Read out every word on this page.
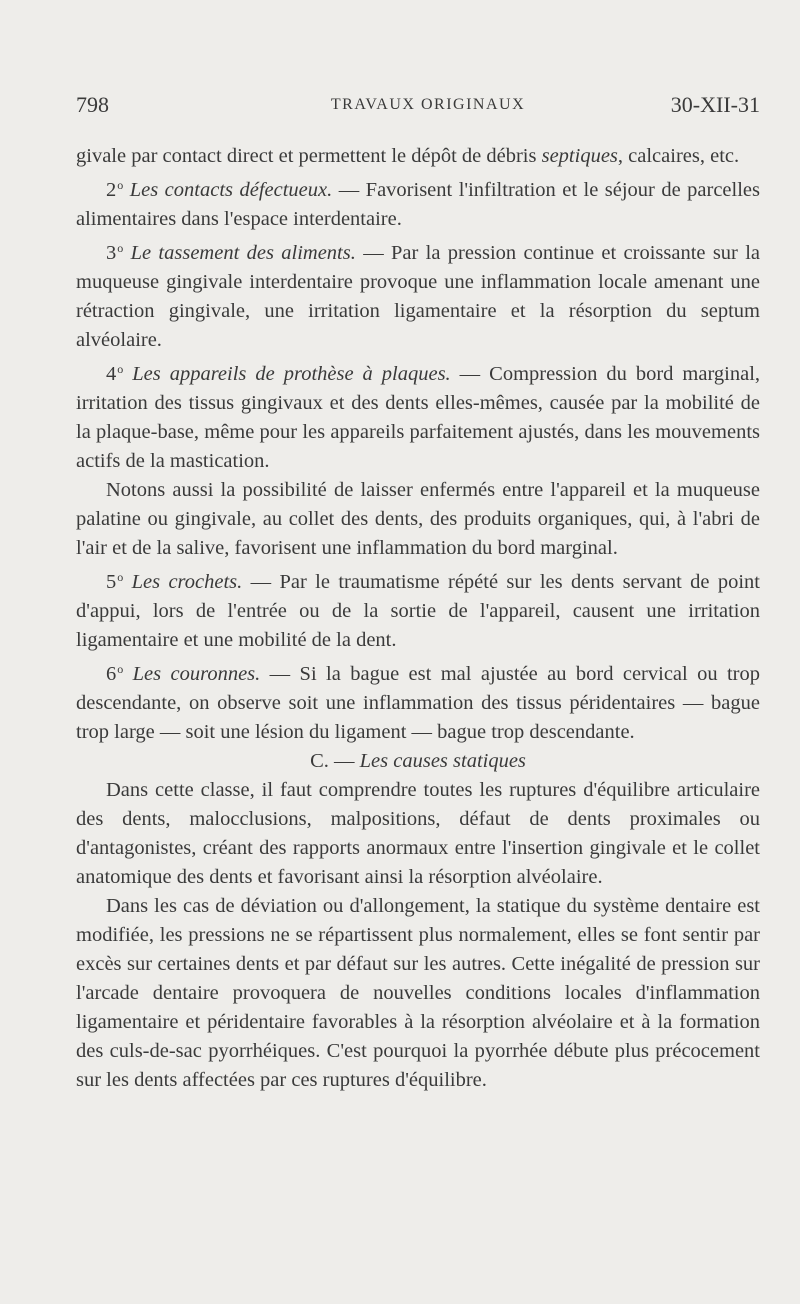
798	TRAVAUX ORIGINAUX	30-XII-31

givale par contact direct et permettent le dépôt de débris septiques, calcaires, etc.

2$^o$ Les contacts défectueux. — Favorisent l'infiltration et le séjour de parcelles alimentaires dans l'espace interdentaire.

3$^o$ Le tassement des aliments. — Par la pression continue et croissante sur la muqueuse gingivale interdentaire provoque une inflammation locale amenant une rétraction gingivale, une irritation ligamentaire et la résorption du septum alvéolaire.

4$^o$ Les appareils de prothèse à plaques. — Compression du bord marginal, irritation des tissus gingivaux et des dents elles-mêmes, causée par la mobilité de la plaque-base, même pour les appareils parfaitement ajustés, dans les mouvements actifs de la mastication.

Notons aussi la possibilité de laisser enfermés entre l'appareil et la muqueuse palatine ou gingivale, au collet des dents, des produits organiques, qui, à l'abri de l'air et de la salive, favorisent une inflammation du bord marginal.

5$^o$ Les crochets. — Par le traumatisme répété sur les dents servant de point d'appui, lors de l'entrée ou de la sortie de l'appareil, causent une irritation ligamentaire et une mobilité de la dent.

6$^o$ Les couronnes. — Si la bague est mal ajustée au bord cervical ou trop descendante, on observe soit une inflammation des tissus péridentaires — bague trop large — soit une lésion du ligament — bague trop descendante.

C. — Les causes statiques

Dans cette classe, il faut comprendre toutes les ruptures d'équilibre articulaire des dents, malocclusions, malpositions, défaut de dents proximales ou d'antagonistes, créant des rapports anormaux entre l'insertion gingivale et le collet anatomique des dents et favorisant ainsi la résorption alvéolaire.

Dans les cas de déviation ou d'allongement, la statique du système dentaire est modifiée, les pressions ne se répartissent plus normalement, elles se font sentir par excès sur certaines dents et par défaut sur les autres. Cette inégalité de pression sur l'arcade dentaire provoquera de nouvelles conditions locales d'inflammation ligamentaire et péridentaire favorables à la résorption alvéolaire et à la formation des culs-de-sac pyorrhéiques. C'est pourquoi la pyorrhée débute plus précocement sur les dents affectées par ces ruptures d'équilibre.
